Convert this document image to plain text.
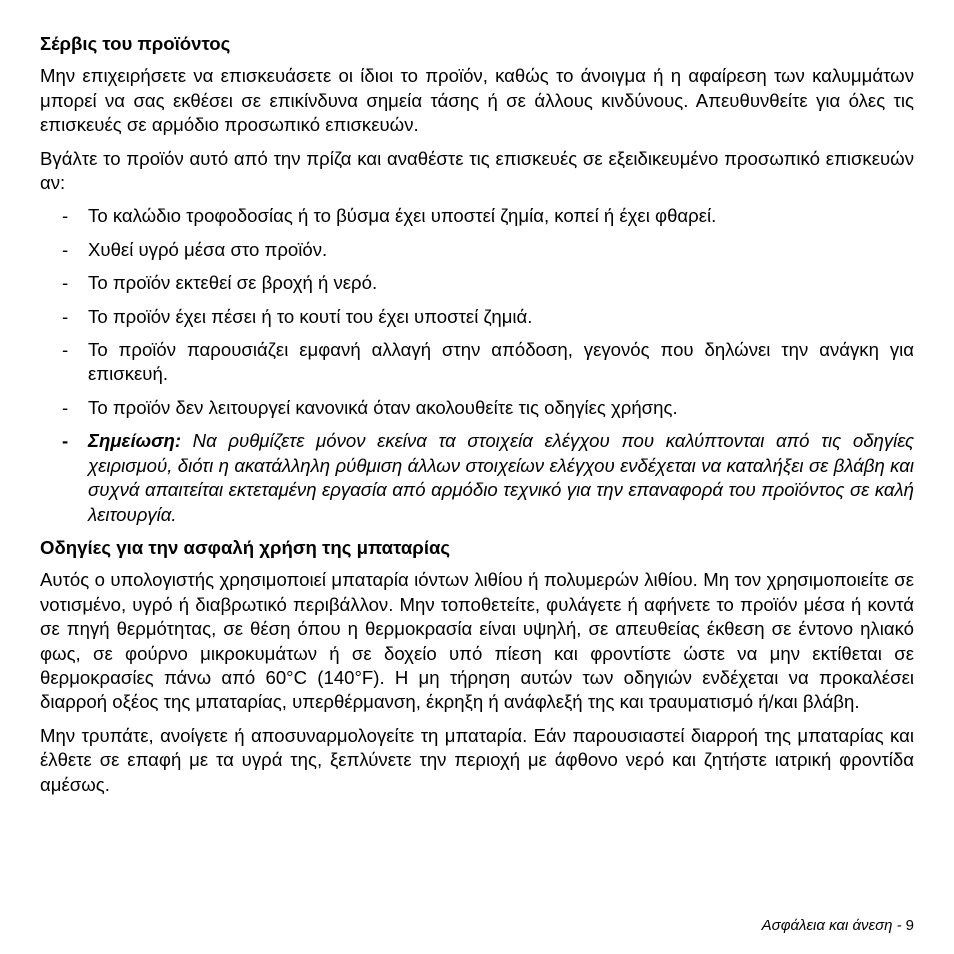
Σέρβις του προϊόντος

Μην επιχειρήσετε να επισκευάσετε οι ίδιοι το προϊόν, καθώς το άνοιγμα ή η αφαίρεση των καλυμμάτων μπορεί να σας εκθέσει σε επικίνδυνα σημεία τάσης ή σε άλλους κινδύνους. Απευθυνθείτε για όλες τις επισκευές σε αρμόδιο προσωπικό επισκευών.

Βγάλτε το προϊόν αυτό από την πρίζα και αναθέστε τις επισκευές σε εξειδικευμένο προσωπικό επισκευών αν:

- Το καλώδιο τροφοδοσίας ή το βύσμα έχει υποστεί ζημία, κοπεί ή έχει φθαρεί.
- Χυθεί υγρό μέσα στο προϊόν.
- Το προϊόν εκτεθεί σε βροχή ή νερό.
- Το προϊόν έχει πέσει ή το κουτί του έχει υποστεί ζημιά.
- Το προϊόν παρουσιάζει εμφανή αλλαγή στην απόδοση, γεγονός που δηλώνει την ανάγκη για επισκευή.
- Το προϊόν δεν λειτουργεί κανονικά όταν ακολουθείτε τις οδηγίες χρήσης.
- Σημείωση: Να ρυθμίζετε μόνον εκείνα τα στοιχεία ελέγχου που καλύπτονται από τις οδηγίες χειρισμού, διότι η ακατάλληλη ρύθμιση άλλων στοιχείων ελέγχου ενδέχεται να καταλήξει σε βλάβη και συχνά απαιτείται εκτεταμένη εργασία από αρμόδιο τεχνικό για την επαναφορά του προϊόντος σε καλή λειτουργία.
Οδηγίες για την ασφαλή χρήση της μπαταρίας

Αυτός ο υπολογιστής χρησιμοποιεί μπαταρία ιόντων λιθίου ή πολυμερών λιθίου. Μη τον χρησιμοποιείτε σε νοτισμένο, υγρό ή διαβρωτικό περιβάλλον. Μην τοποθετείτε, φυλάγετε ή αφήνετε το προϊόν μέσα ή κοντά σε πηγή θερμότητας, σε θέση όπου η θερμοκρασία είναι υψηλή, σε απευθείας έκθεση σε έντονο ηλιακό φως, σε φούρνο μικροκυμάτων ή σε δοχείο υπό πίεση και φροντίστε ώστε να μην εκτίθεται σε θερμοκρασίες πάνω από 60°C (140°F). Η μη τήρηση αυτών των οδηγιών ενδέχεται να προκαλέσει διαρροή οξέος της μπαταρίας, υπερθέρμανση, έκρηξη ή ανάφλεξή της και τραυματισμό ή/και βλάβη.

Μην τρυπάτε, ανοίγετε ή αποσυναρμολογείτε τη μπαταρία. Εάν παρουσιαστεί διαρροή της μπαταρίας και έλθετε σε επαφή με τα υγρά της, ξεπλύνετε την περιοχή με άφθονο νερό και ζητήστε ιατρική φροντίδα αμέσως.

Ασφάλεια και άνεση - 9
